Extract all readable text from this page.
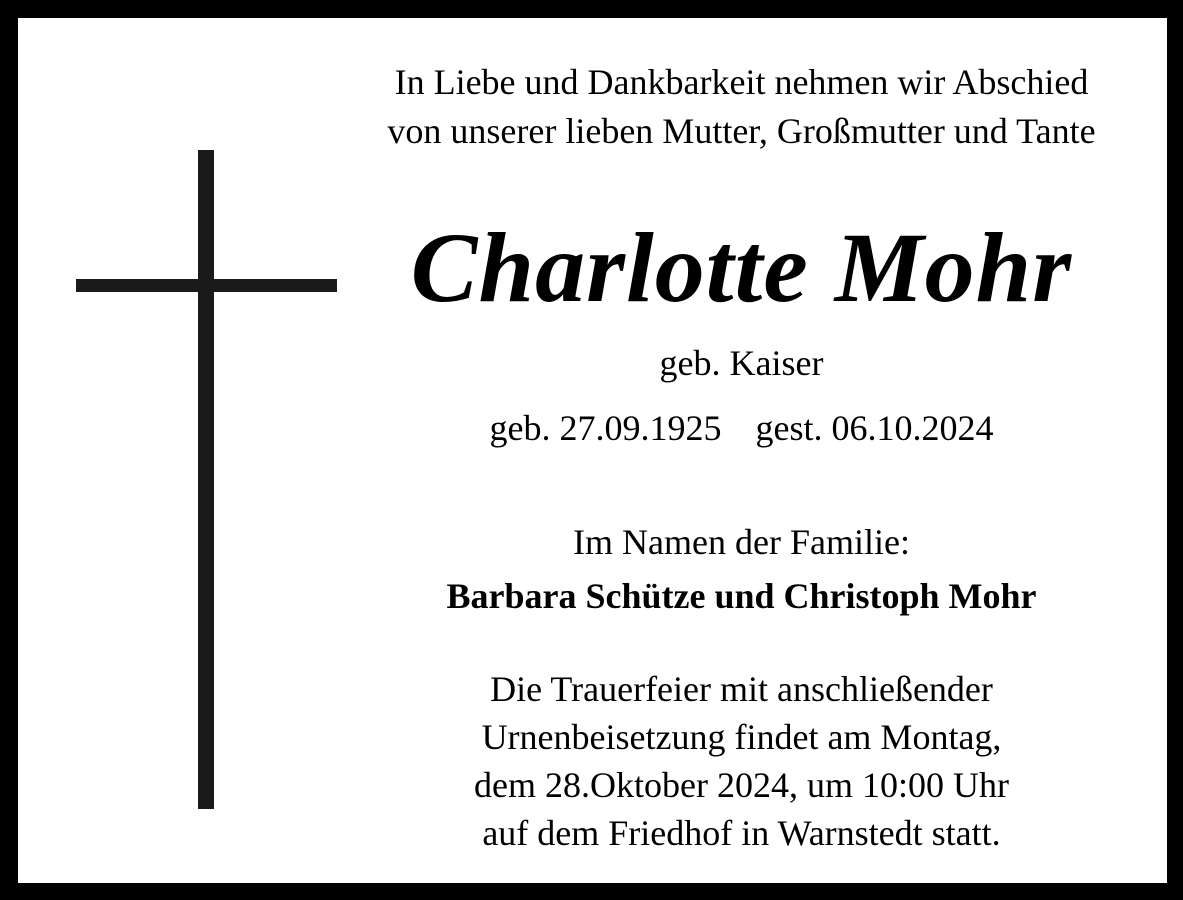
In Liebe und Dankbarkeit nehmen wir Abschied
von unserer lieben Mutter, Großmutter und Tante
Charlotte Mohr
geb. Kaiser
geb. 27.09.1925 gest. 06.10.2024
Im Namen der Familie:
Barbara Schütze und Christoph Mohr
Die Trauerfeier mit anschließender
Urnenbeisetzung findet am Montag,
dem 28.Oktober 2024, um 10:00 Uhr
auf dem Friedhof in Warnstedt statt.
